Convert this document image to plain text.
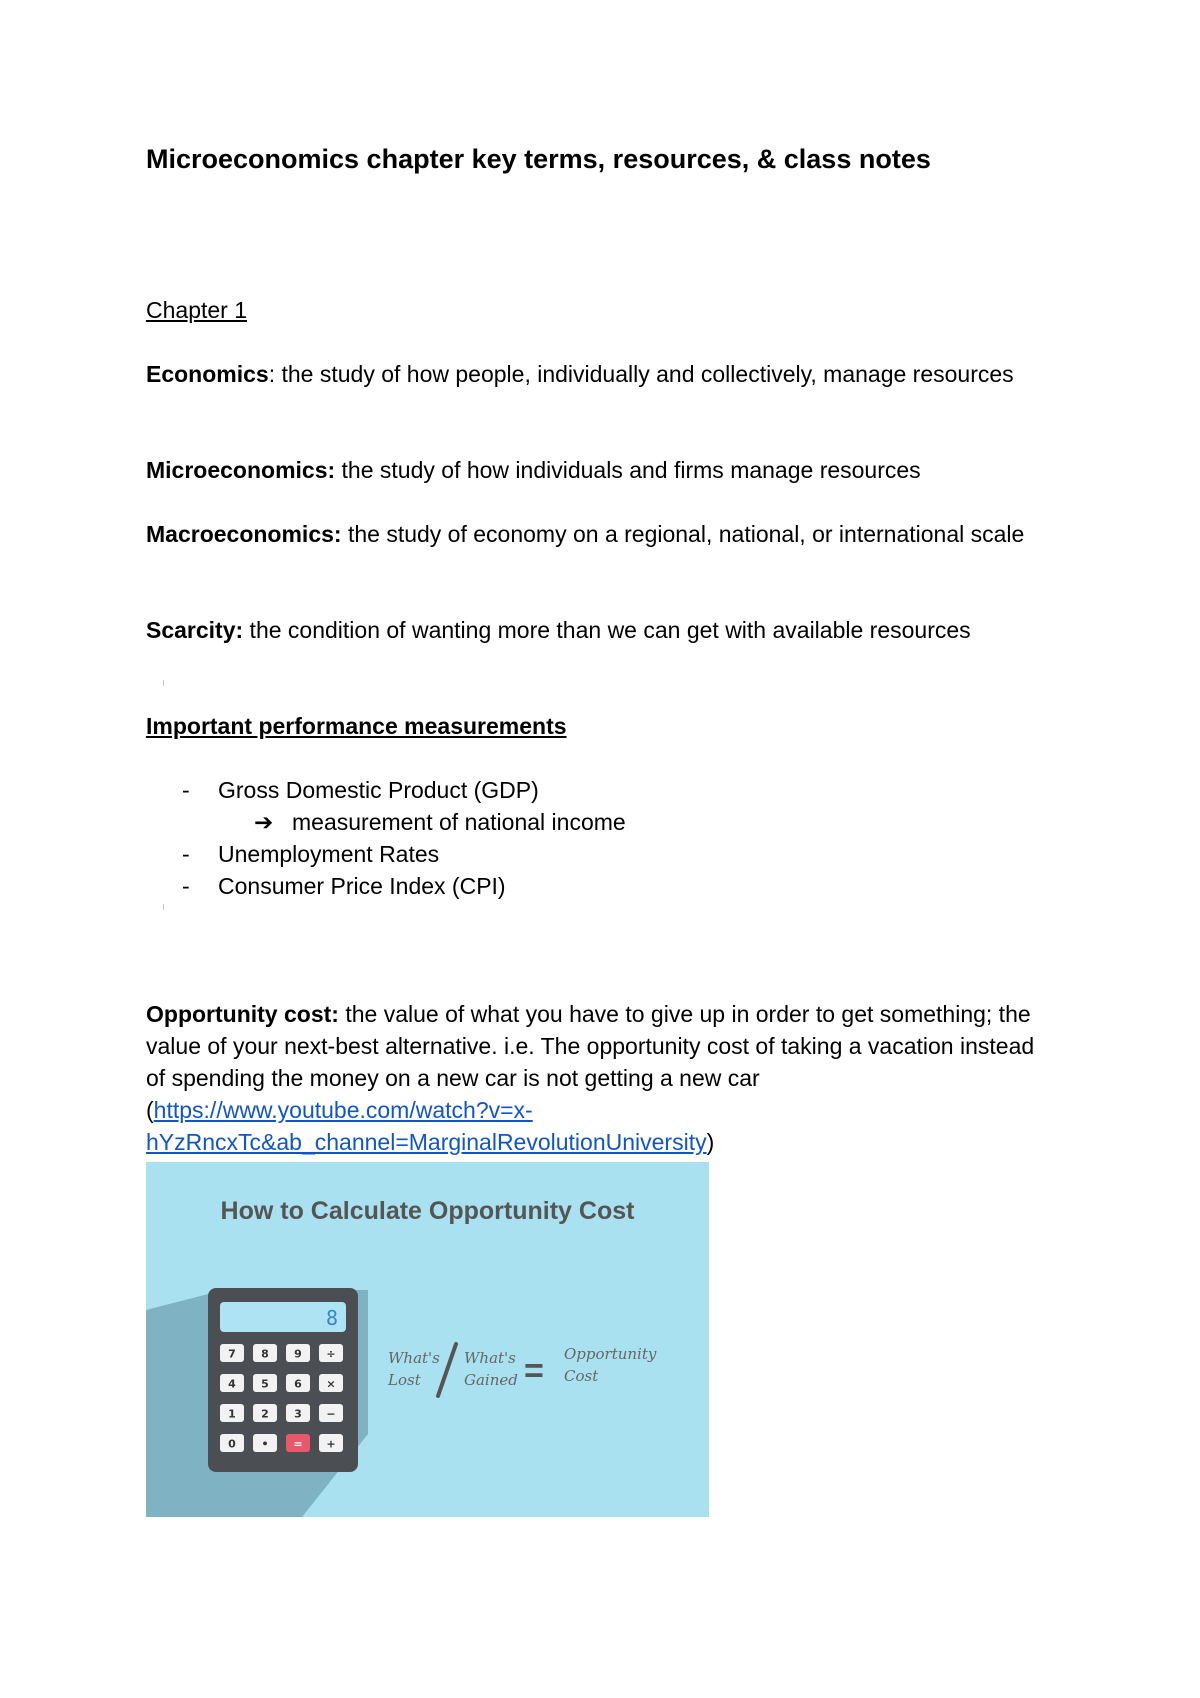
Microeconomics chapter key terms, resources, & class notes
Chapter 1
Economics: the study of how people, individually and collectively, manage resources
Microeconomics: the study of how individuals and firms manage resources
Macroeconomics: the study of economy on a regional, national, or international scale
Scarcity: the condition of wanting more than we can get with available resources
Important performance measurements
- Gross Domestic Product (GDP)
➔ measurement of national income
- Unemployment Rates
- Consumer Price Index (CPI)
Opportunity cost: the value of what you have to give up in order to get something; the value of your next-best alternative. i.e. The opportunity cost of taking a vacation instead of spending the money on a new car is not getting a new car
(https://www.youtube.com/watch?v=x-
hYzRncxTc&ab_channel=MarginalRevolutionUniversity)
8
7 8 9 ÷
4 5 6 ×
1 2 3 −
0 • = +
How to Calculate Opportunity Cost
What's
Lost
What's
Gained = Opportunity
Cost
